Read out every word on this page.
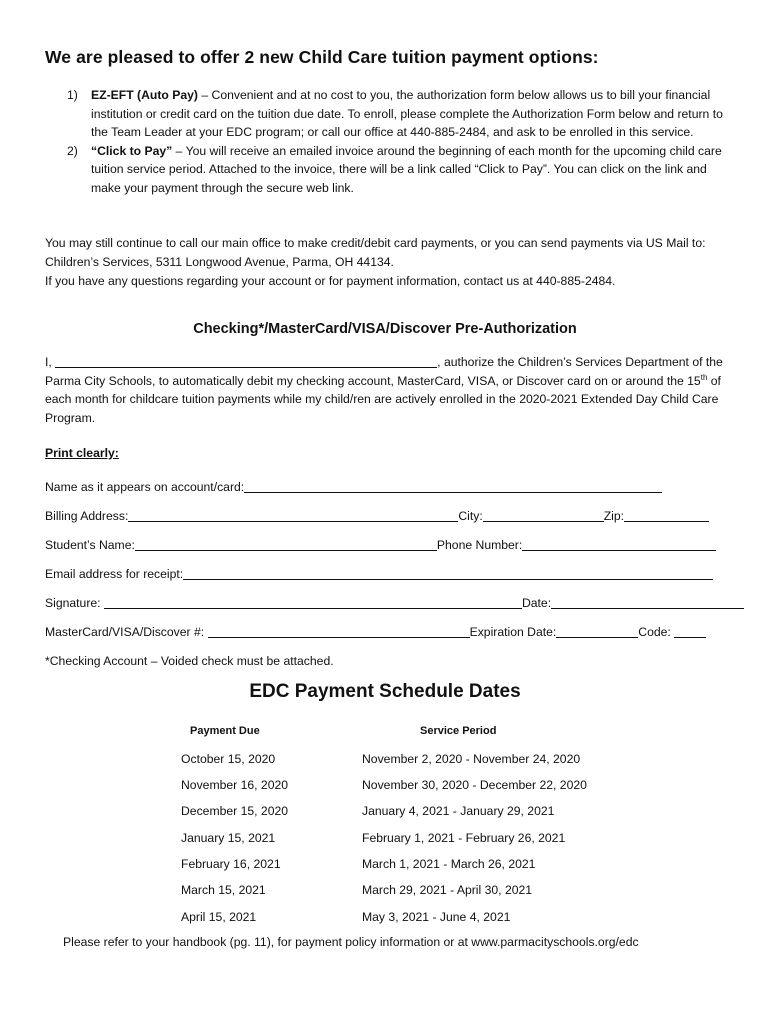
We are pleased to offer 2 new Child Care tuition payment options:
1) EZ-EFT (Auto Pay) – Convenient and at no cost to you, the authorization form below allows us to bill your financial institution or credit card on the tuition due date. To enroll, please complete the Authorization Form below and return to the Team Leader at your EDC program; or call our office at 440-885-2484, and ask to be enrolled in this service.
2) “Click to Pay” – You will receive an emailed invoice around the beginning of each month for the upcoming child care tuition service period. Attached to the invoice, there will be a link called “Click to Pay”. You can click on the link and make your payment through the secure web link.
You may still continue to call our main office to make credit/debit card payments, or you can send payments via US Mail to: Children’s Services, 5311 Longwood Avenue, Parma, OH 44134.
If you have any questions regarding your account or for payment information, contact us at 440-885-2484.
Checking*/MasterCard/VISA/Discover Pre-Authorization
I,	, authorize the Children’s Services Department of the Parma City Schools, to automatically debit my checking account, MasterCard, VISA, or Discover card on or around the 15th of each month for childcare tuition payments while my child/ren are actively enrolled in the 2020-2021 Extended Day Child Care Program.
Print clearly:
Name as it appears on account/card:
Billing Address:	City:	Zip:
Student’s Name:	Phone Number:
Email address for receipt:
Signature:	Date:
MasterCard/VISA/Discover #:	Expiration Date:	Code:
*Checking Account – Voided check must be attached.
EDC Payment Schedule Dates
Payment Due	Service Period
October 15, 2020	November 2, 2020 - November 24, 2020
November 16, 2020	November 30, 2020 - December 22, 2020
December 15, 2020	January 4, 2021 - January 29, 2021
January 15, 2021	February 1, 2021 - February 26, 2021
February 16, 2021	March 1, 2021 - March 26, 2021
March 15, 2021	March 29, 2021 - April 30, 2021
April 15, 2021	May 3, 2021 - June 4, 2021
Please refer to your handbook (pg. 11), for payment policy information or at www.parmacityschools.org/edc
